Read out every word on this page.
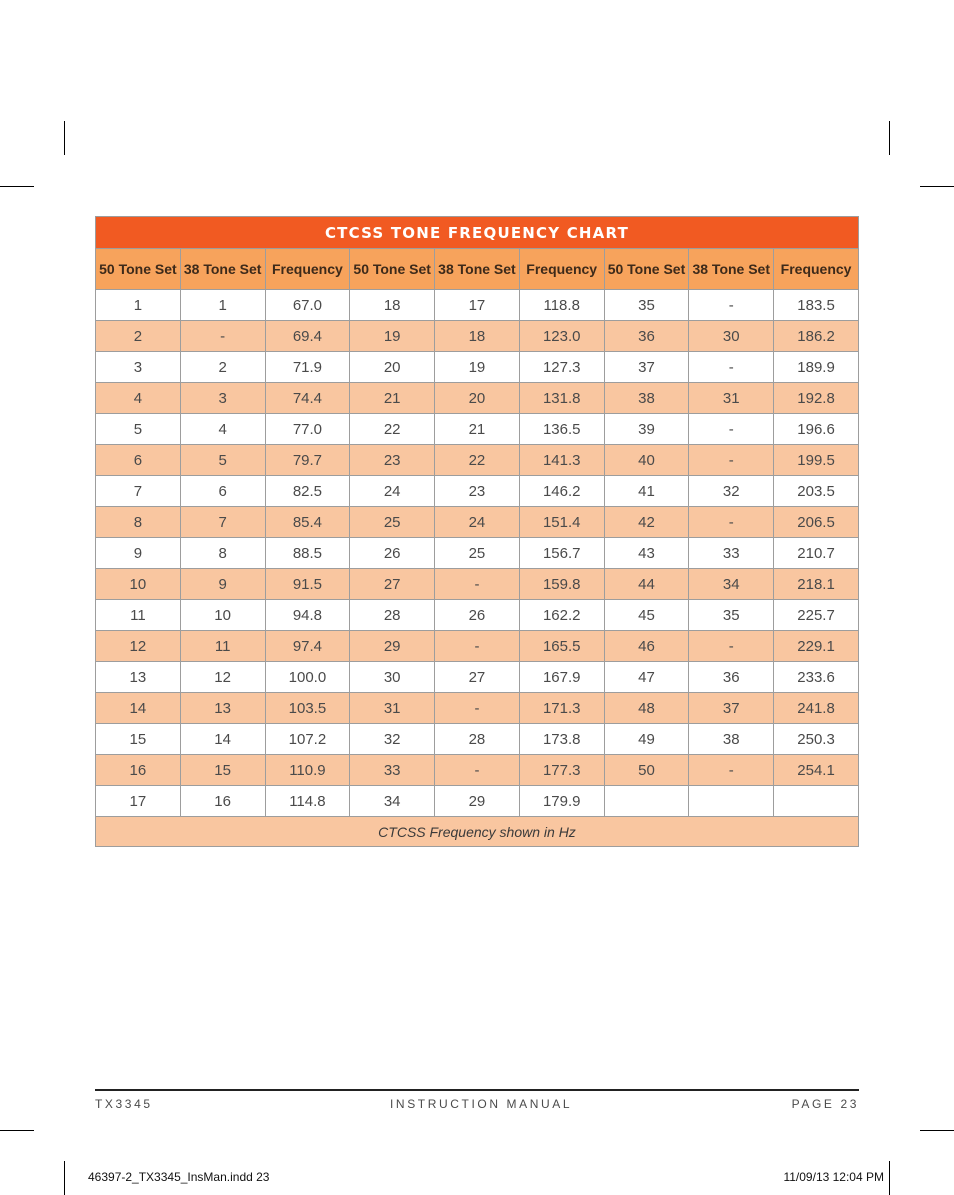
CTCSS TONE FREQUENCY CHART								
50 Tone Set	38 Tone Set	Frequency	50 Tone Set	38 Tone Set	Frequency	50 Tone Set	38 Tone Set	Frequency
1	1	67.0	18	17	118.8	35	-	183.5
2	-	69.4	19	18	123.0	36	30	186.2
3	2	71.9	20	19	127.3	37	-	189.9
4	3	74.4	21	20	131.8	38	31	192.8
5	4	77.0	22	21	136.5	39	-	196.6
6	5	79.7	23	22	141.3	40	-	199.5
7	6	82.5	24	23	146.2	41	32	203.5
8	7	85.4	25	24	151.4	42	-	206.5
9	8	88.5	26	25	156.7	43	33	210.7
10	9	91.5	27	-	159.8	44	34	218.1
11	10	94.8	28	26	162.2	45	35	225.7
12	11	97.4	29	-	165.5	46	-	229.1
13	12	100.0	30	27	167.9	47	36	233.6
14	13	103.5	31	-	171.3	48	37	241.8
15	14	107.2	32	28	173.8	49	38	250.3
16	15	110.9	33	-	177.3	50	-	254.1
17	16	114.8	34	29	179.9			
CTCSS Frequency shown in Hz								
TX3345	INSTRUCTION MANUAL	PAGE 23
46397-2_TX3345_InsMan.indd 23	11/09/13 12:04 PM
